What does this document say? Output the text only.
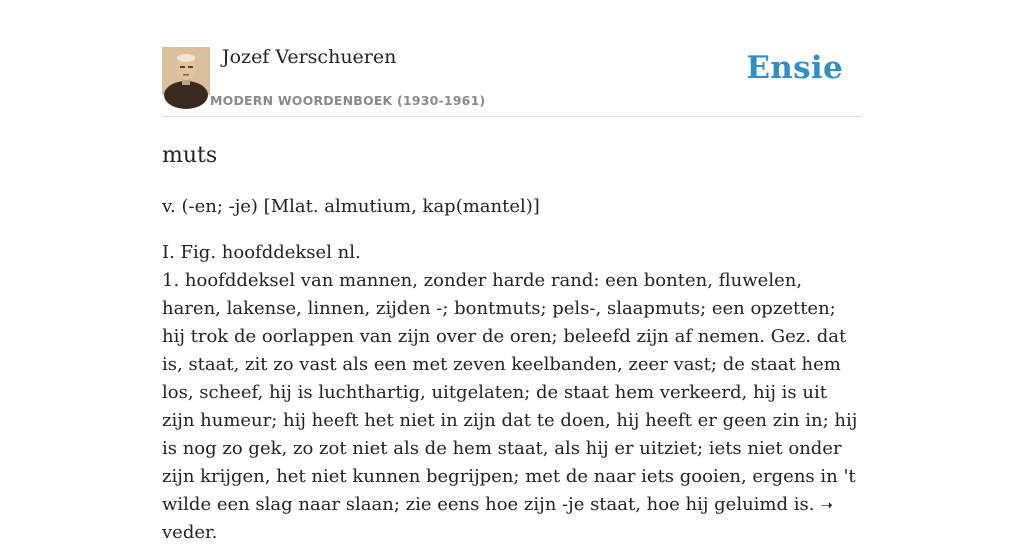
Jozef Verschueren
MODERN WOORDENBOEK (1930-1961)
Ensie
muts
v. (-en; -je) [Mlat. almutium, kap(mantel)]

I. Fig. hoofddeksel nl.

1. hoofddeksel van mannen, zonder harde rand: een bonten, fluwelen, haren, lakense, linnen, zijden -; bontmuts; pels-, slaapmuts; een opzetten; hij trok de oorlappen van zijn over de oren; beleefd zijn af nemen. Gez. dat is, staat, zit zo vast als een met zeven keelbanden, zeer vast; de staat hem los, scheef, hij is luchthartig, uitgelaten; de staat hem verkeerd, hij is uit zijn humeur; hij heeft het niet in zijn dat te doen, hij heeft er geen zin in; hij is nog zo gek, zo zot niet als de hem staat, als hij er uitziet; iets niet onder zijn krijgen, het niet kunnen begrijpen; met de naar iets gooien, ergens in 't wilde een slag naar slaan; zie eens hoe zijn -je staat, hoe hij geluimd is. ➝ veder.
